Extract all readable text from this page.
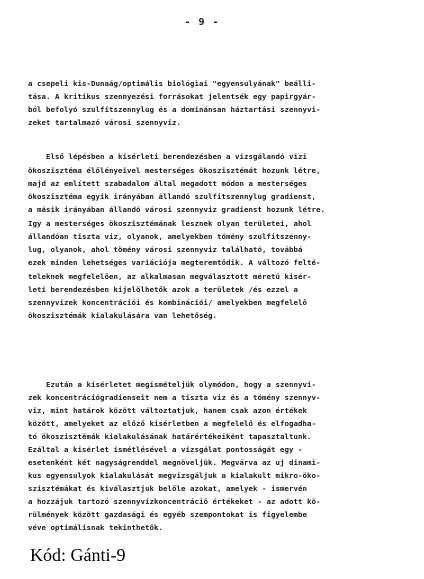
- 9 -
a csepeli kis-Dunaág/optimális biológiai "egyensulyának" beálli-
tása. A kritikus szennyezési forrásokat jelentsék egy papirgyár-
ból befolyó szulfitszennylug és a dominánsan háztartási szennyvi-
zeket tartalmazó városi szennyviz.
Első lépésben a kisérleti berendezésben a vizsgálandó vizi
ökoszisztéma élőlényeivel mesterséges ökoszisztémát hozunk létre,
majd az említett szabadalom által megadott módon a mesterséges
ökoszisztéma egyik irányában állandó szulfitszennylug gradienst,
a másik irányában állandó városi szennyviz gradienst hozunk létre.
Igy a mesterséges ökoszisztémának lesznek olyan területei, ahol
állandóan tiszta viz, olyanok, amelyekben tömény szulfitszenny-
lug, olyanok, ahol tömény városi szennyviz található, továbbá
ezek minden lehetséges variációja megteremtődik. A változó felté-
teleknek megfelelően, az alkalmasan megválasztott méretü kisér-
leti berendezésben kijelölhetők azok a területek /és ezzel a
szennyvizek koncentrációi és kombinációi/ amelyekben megfelelő
ökoszisztémák kialakulására van lehetőség.
Ezután a kisérletet megismételjük olymódon, hogy a szennyvi-
zek koncentrációgradienseit nem a tiszta viz és a tömény szennyv-
viz, mint határok között változtatjuk, hanem csak azon értékek
között, amelyeket az előző kisérletben a megfelelő és elfogadha-
tó ökoszisztémák kialakulásának határértékeiként tapasztaltunk.
Ezáltal a kisérlet ismétlésével a vizsgálat pontosságát egy -
esetenként két nagyságrenddel megnöveljük. Megvárva az uj dinami-
kus egyensulyok kialakulását megvizsgáljuk a kialakult mikro-öko-
szisztémákat és kiválasztjuk belőle azokat, amelyek - ismervén
a hozzájuk tartozó szennyvízkoncentráció értékeket - az adott kö-
rülmények között gazdasági és egyéb szempontokat is figyelembe
véve optimálisnak tekinthetők.
Kód: Gánti-9
